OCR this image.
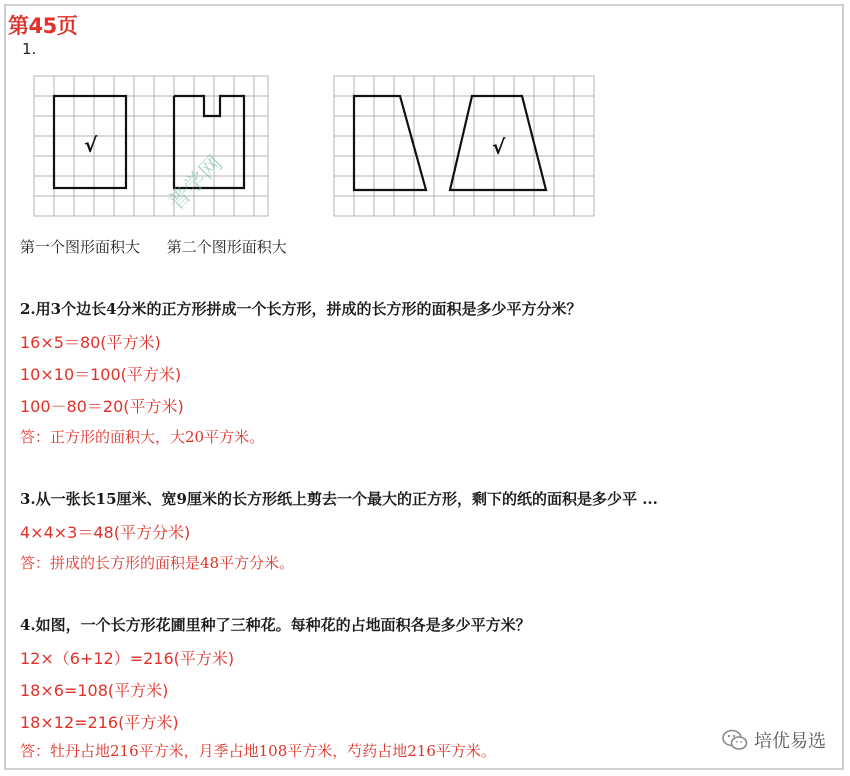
第45页
1.
√
普学网
√
第一个图形面积大 第二个图形面积大
2.用3个边长4分米的正方形拼成一个长方形，拼成的长方形的面积是多少平方分米？
16×5＝80(平方米)
10×10＝100(平方米)
100－80＝20(平方米)
答：正方形的面积大，大20平方米。
3.从一张长15厘米、宽9厘米的长方形纸上剪去一个最大的正方形，剩下的纸的面积是多少平 ...
4×4×3＝48(平方分米)
答：拼成的长方形的面积是48平方分米。
4.如图，一个长方形花圃里种了三种花。每种花的占地面积各是多少平方米？
12×（6+12）=216(平方米)
18×6=108(平方米)
18×12=216(平方米)
答：牡丹占地216平方米，月季占地108平方米，芍药占地216平方米。	培优易选
